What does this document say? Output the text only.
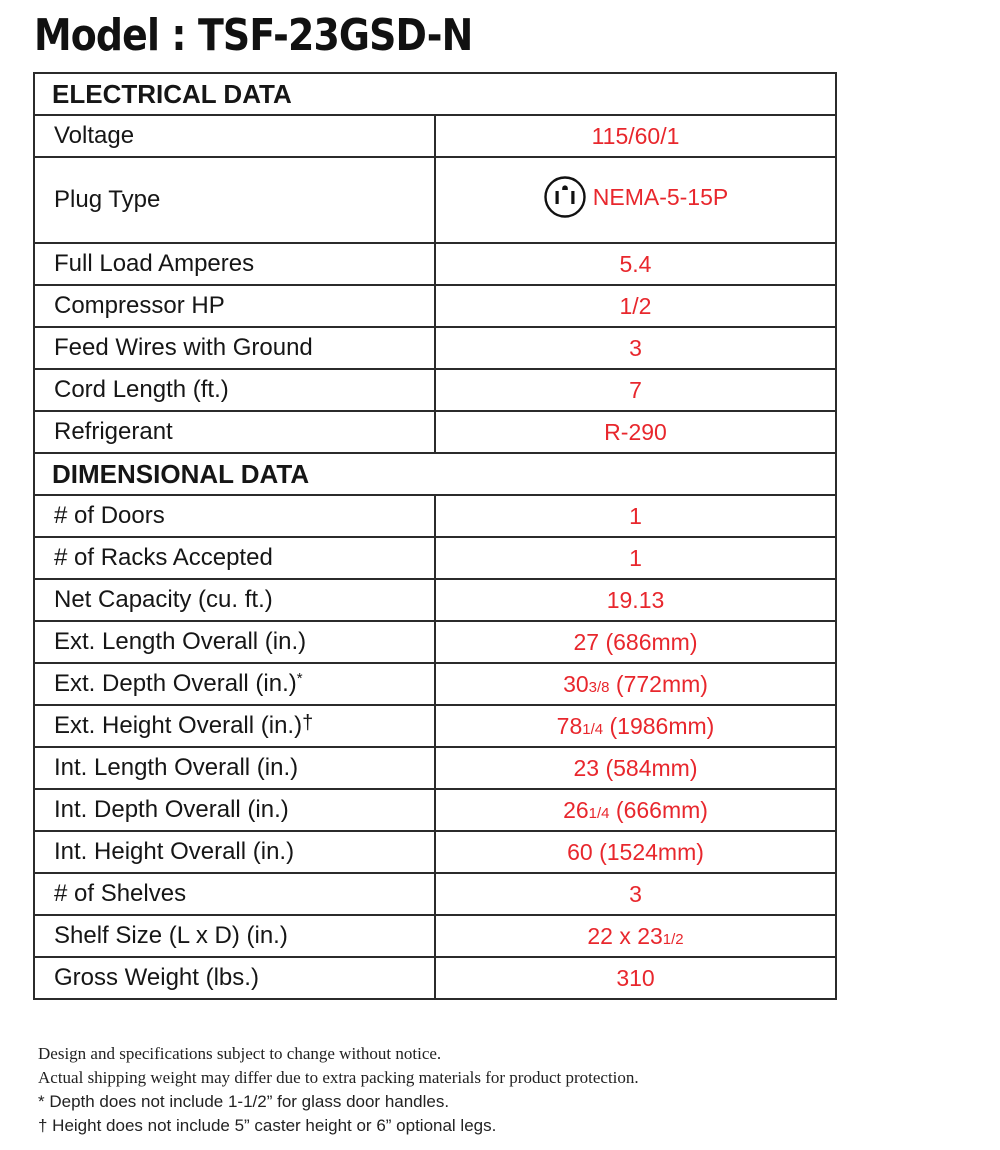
Model : TSF-23GSD-N
ELECTRICAL DATA	
Voltage	115/60/1
Plug Type	NEMA-5-15P

Full Load Amperes	5.4
Compressor HP	1/2
Feed Wires with Ground	3
Cord Length (ft.)	7
Refrigerant	R-290
DIMENSIONAL DATA	
# of Doors	1
# of Racks Accepted	1
Net Capacity (cu. ft.)	19.13
Ext. Length Overall (in.)	27 (686mm)
Ext. Depth Overall (in.)*	303/8 (772mm)
Ext. Height Overall (in.)†	781/4 (1986mm)
Int. Length Overall (in.)	23 (584mm)
Int. Depth Overall (in.)	261/4 (666mm)
Int. Height Overall (in.)	60 (1524mm)
# of Shelves	3
Shelf Size (L x D) (in.)	22 x 231/2
Gross Weight (lbs.)	310
Design and specifications subject to change without notice.
Actual shipping weight may differ due to extra packing materials for product protection.
* Depth does not include 1-1/2” for glass door handles.
† Height does not include 5” caster height or 6” optional legs.
